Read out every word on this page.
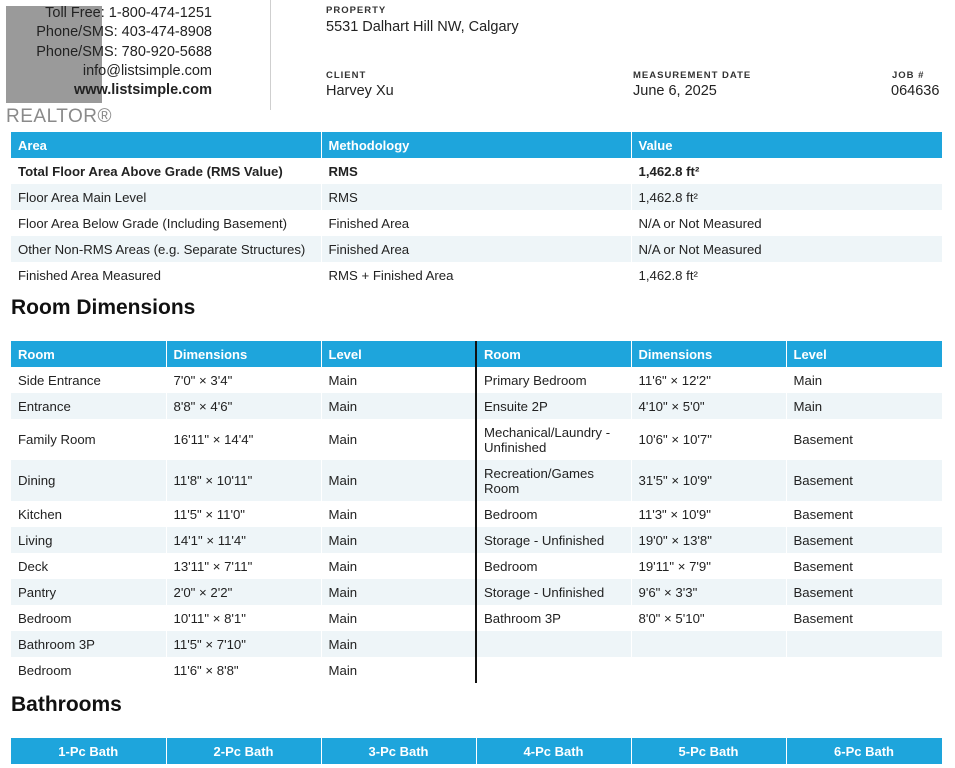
REALTOR®
Toll Free: 1-800-474-1251
Phone/SMS: 403-474-8908
Phone/SMS: 780-920-5688
info@listsimple.com
www.listsimple.com
PROPERTY
5531 Dalhart Hill NW, Calgary
CLIENT
Harvey Xu
MEASUREMENT DATE
June 6, 2025
JOB #
064636
Area	Methodology	Value
Total Floor Area Above Grade (RMS Value)	RMS	1,462.8 ft²
Floor Area Main Level	RMS	1,462.8 ft²
Floor Area Below Grade (Including Basement)	Finished Area	N/A or Not Measured
Other Non-RMS Areas (e.g. Separate Structures)	Finished Area	N/A or Not Measured
Finished Area Measured	RMS + Finished Area	1,462.8 ft²
Room Dimensions
Room	Dimensions	Level	Room	Dimensions	Level
Side Entrance	7'0" × 3'4"	Main	Primary Bedroom	11'6" × 12'2"	Main
Entrance	8'8" × 4'6"	Main	Ensuite 2P	4'10" × 5'0"	Main
Family Room	16'11" × 14'4"	Main	Mechanical/Laundry - Unfinished	10'6" × 10'7"	Basement
Dining	11'8" × 10'11"	Main	Recreation/Games Room	31'5" × 10'9"	Basement
Kitchen	11'5" × 11'0"	Main	Bedroom	11'3" × 10'9"	Basement
Living	14'1" × 11'4"	Main	Storage - Unfinished	19'0" × 13'8"	Basement
Deck	13'11" × 7'11"	Main	Bedroom	19'11" × 7'9"	Basement
Pantry	2'0" × 2'2"	Main	Storage - Unfinished	9'6" × 3'3"	Basement
Bedroom	10'11" × 8'1"	Main	Bathroom 3P	8'0" × 5'10"	Basement
Bathroom 3P	11'5" × 7'10"	Main			
Bedroom	11'6" × 8'8"	Main			
Bathrooms
1-Pc Bath	2-Pc Bath	3-Pc Bath	4-Pc Bath	5-Pc Bath	6-Pc Bath
